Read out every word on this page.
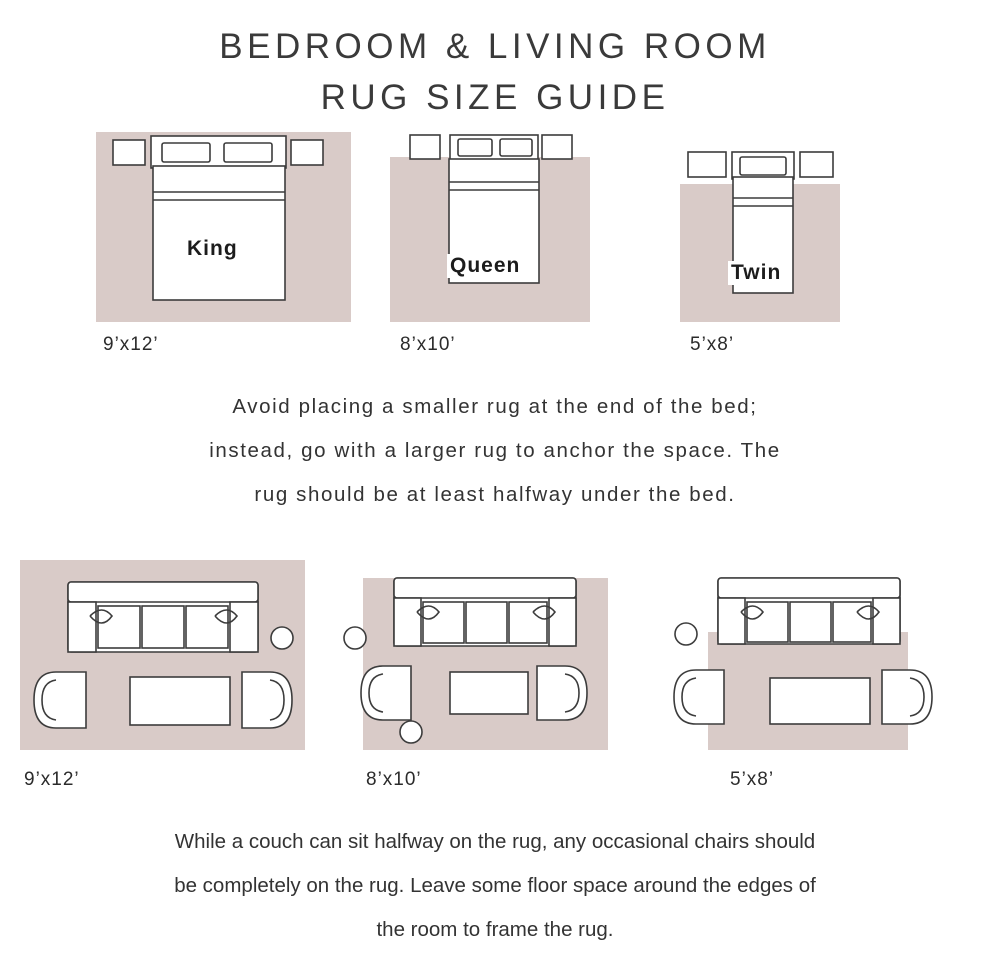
BEDROOM & LIVING ROOM
RUG SIZE GUIDE
King
9’x12’
Queen
8’x10’
Twin
5’x8’
Avoid placing a smaller rug at the end of the bed;
instead, go with a larger rug to anchor the space. The
rug should be at least halfway under the bed.
9’x12’	8’x10’	5’x8’
While a couch can sit halfway on the rug, any occasional chairs should
be completely on the rug. Leave some floor space around the edges of
the room to frame the rug.
